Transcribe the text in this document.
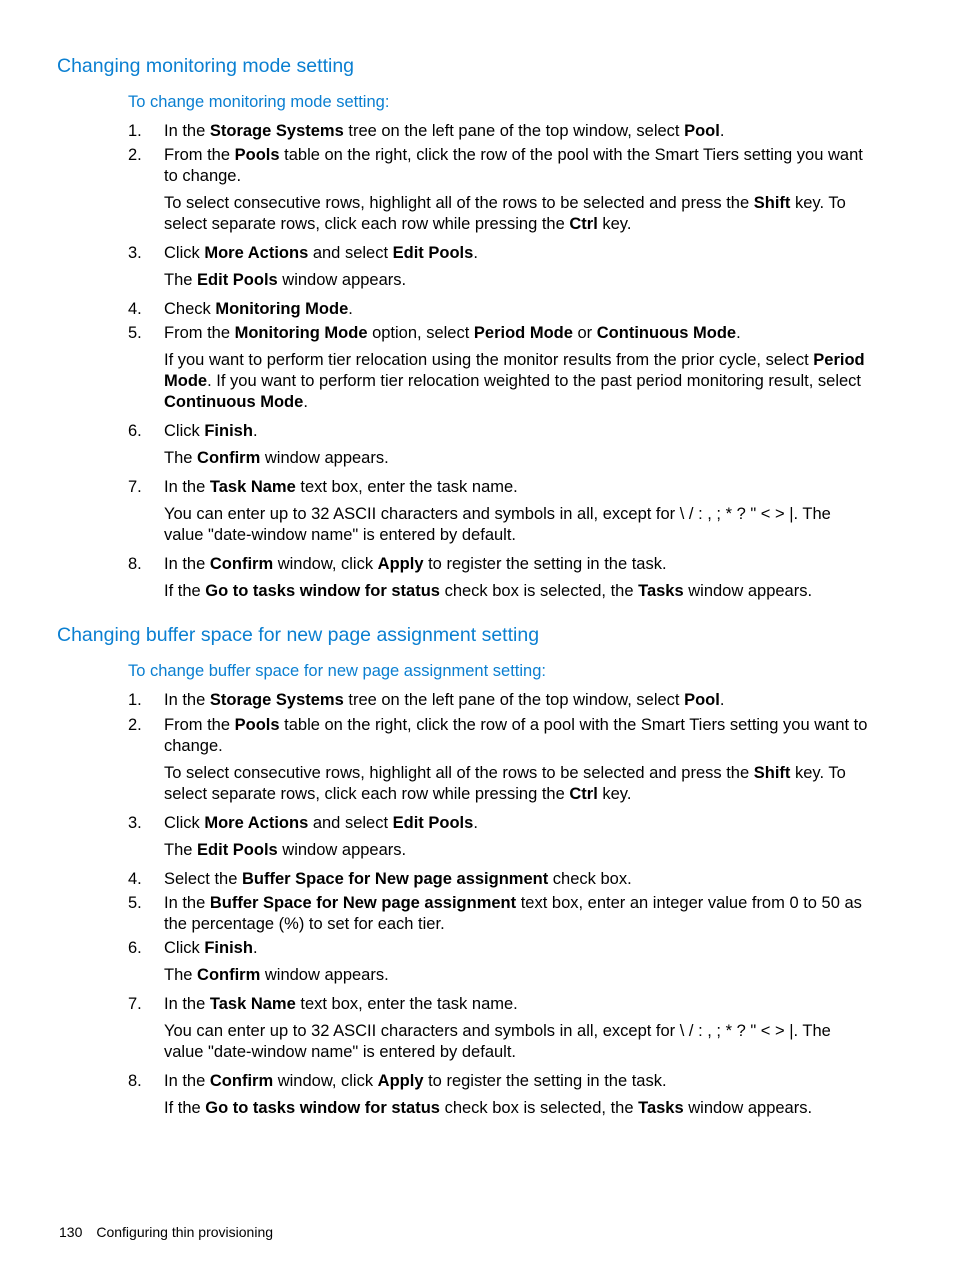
Changing monitoring mode setting
To change monitoring mode setting:
1. In the Storage Systems tree on the left pane of the top window, select Pool.
2. From the Pools table on the right, click the row of the pool with the Smart Tiers setting you want to change.
To select consecutive rows, highlight all of the rows to be selected and press the Shift key. To select separate rows, click each row while pressing the Ctrl key.
3. Click More Actions and select Edit Pools.
The Edit Pools window appears.
4. Check Monitoring Mode.
5. From the Monitoring Mode option, select Period Mode or Continuous Mode.
If you want to perform tier relocation using the monitor results from the prior cycle, select Period Mode. If you want to perform tier relocation weighted to the past period monitoring result, select Continuous Mode.
6. Click Finish.
The Confirm window appears.
7. In the Task Name text box, enter the task name.
You can enter up to 32 ASCII characters and symbols in all, except for \ / : , ; * ? " < > |. The value "date-window name" is entered by default.
8. In the Confirm window, click Apply to register the setting in the task.
If the Go to tasks window for status check box is selected, the Tasks window appears.
Changing buffer space for new page assignment setting
To change buffer space for new page assignment setting:
1. In the Storage Systems tree on the left pane of the top window, select Pool.
2. From the Pools table on the right, click the row of a pool with the Smart Tiers setting you want to change.
To select consecutive rows, highlight all of the rows to be selected and press the Shift key. To select separate rows, click each row while pressing the Ctrl key.
3. Click More Actions and select Edit Pools.
The Edit Pools window appears.
4. Select the Buffer Space for New page assignment check box.
5. In the Buffer Space for New page assignment text box, enter an integer value from 0 to 50 as the percentage (%) to set for each tier.
6. Click Finish.
The Confirm window appears.
7. In the Task Name text box, enter the task name.
You can enter up to 32 ASCII characters and symbols in all, except for \ / : , ; * ? " < > |. The value "date-window name" is entered by default.
8. In the Confirm window, click Apply to register the setting in the task.
If the Go to tasks window for status check box is selected, the Tasks window appears.
130 Configuring thin provisioning
